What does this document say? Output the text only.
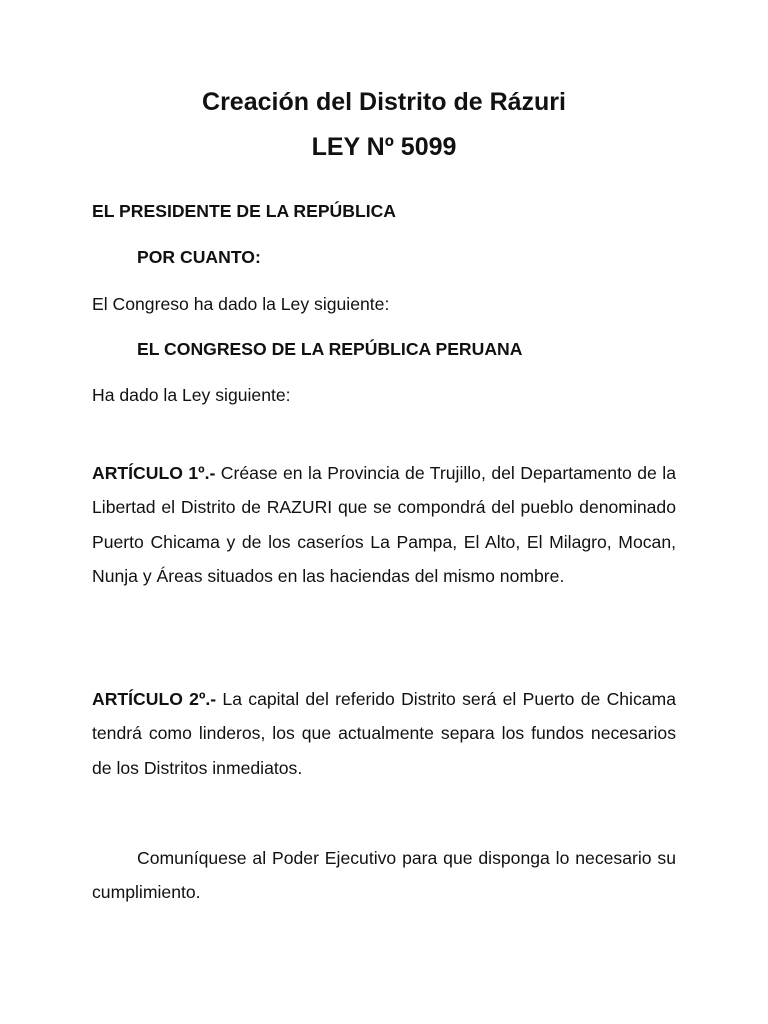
Creación del Distrito de Rázuri
LEY Nº 5099

EL PRESIDENTE DE LA REPÚBLICA

POR CUANTO:

El Congreso ha dado la Ley siguiente:

EL CONGRESO DE LA REPÚBLICA PERUANA

Ha dado la Ley siguiente:

ARTÍCULO 1º.- Créase en la Provincia de Trujillo, del Departamento de la Libertad el Distrito de RAZURI que se compondrá del pueblo denominado Puerto Chicama y de los caseríos La Pampa, El Alto, El Milagro, Mocan, Nunja y Áreas situados en las haciendas del mismo nombre.

ARTÍCULO 2º.- La capital del referido Distrito será el Puerto de Chicama tendrá como linderos, los que actualmente separa los fundos necesarios de los Distritos inmediatos.

Comuníquese al Poder Ejecutivo para que disponga lo necesario su cumplimiento.
